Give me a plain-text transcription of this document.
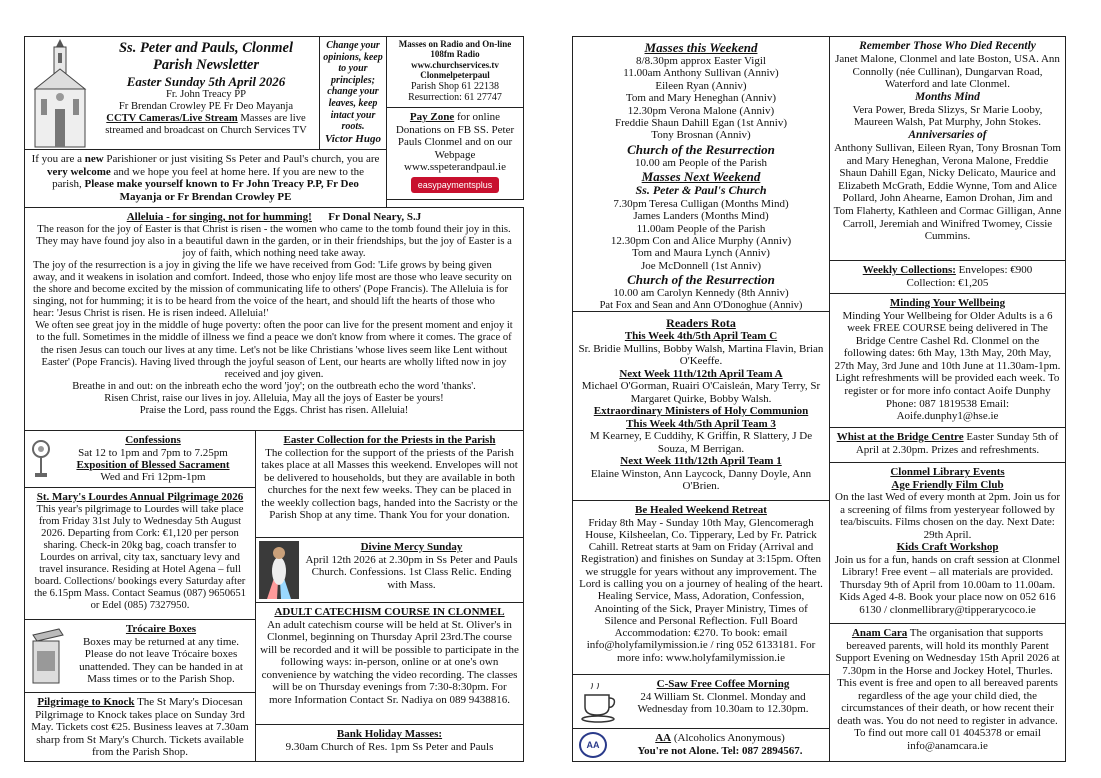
Ss. Peter and Pauls, Clonmel

Parish Newsletter

Easter Sunday 5th April 2026

Fr. John Treacy PP

Fr Brendan Crowley PE Fr Deo Mayanja

CCTV Cameras/Live Stream Masses are live streamed and broadcast on Church Services TV

Change your opinions, keep to your principles; change your leaves, keep intact your roots.

Victor Hugo

Masses on Radio and On-line 108fm Radio

www.churchservices.tv

Clonmelpeterpaul

Parish Shop 61 22138

Resurrection: 61 27747

Pay Zone for online Donations on FB SS. Peter Pauls Clonmel and on our Webpage

www.sspeterandpaul.ie

easypaymentsplus

If you are a new Parishioner or just visiting Ss Peter and Paul's church, you are very welcome and we hope you feel at home here. If you are new to the parish, Please make yourself known to Fr John Treacy P.P, Fr Deo Mayanja or Fr Brendan Crowley PE

Alleluia - for singing, not for humming! Fr Donal Neary, S.J

The reason for the joy of Easter is that Christ is risen - the women who came to the tomb found their joy in this. They may have found joy also in a beautiful dawn in the garden, or in their friendships, but the joy of Easter is a joy of faith, which nothing need take away.

The joy of the resurrection is a joy in giving the life we have received from God: 'Life grows by being given away, and it weakens in isolation and comfort. Indeed, those who enjoy life most are those who leave security on the shore and become excited by the mission of communicating life to others' (Pope Francis). The Alleluia is for singing, not for humming; it is to be heard from the voice of the heart, and should lift the hearts of those who hear: 'Jesus Christ is risen. He is risen indeed. Alleluia!'

We often see great joy in the middle of huge poverty: often the poor can live for the present moment and enjoy it to the full. Sometimes in the middle of illness we find a peace we don't know from where it comes. The grace of the risen Jesus can touch our lives at any time. Let's not be like Christians 'whose lives seem like Lent without Easter' (Pope Francis). Having lived through the joyful season of Lent, our hearts are wholly lifted now in joy received and joy given.

Breathe in and out: on the inbreath echo the word 'joy'; on the outbreath echo the word 'thanks'.

Risen Christ, raise our lives in joy. Alleluia, May all the joys of Easter be yours!

Praise the Lord, pass round the Eggs. Christ has risen. Alleluia!

Confessions

Sat 12 to 1pm and 7pm to 7.25pm

Exposition of Blessed Sacrament

Wed and Fri 12pm-1pm

St. Mary's Lourdes Annual Pilgrimage 2026

This year's pilgrimage to Lourdes will take place from Friday 31st July to Wednesday 5th August 2026. Departing from Cork: €1,120 per person sharing. Check-in 20kg bag, coach transfer to Lourdes on arrival, city tax, sanctuary levy and travel insurance. Residing at Hotel Agena – full board. Collections/ bookings every Saturday after the 6.15pm Mass. Contact Seamus (087) 9650651 or Edel (085) 7327950.

Trócaire Boxes

Boxes may be returned at any time. Please do not leave Trócaire boxes unattended. They can be handed in at Mass times or to the Parish Shop.

Pilgrimage to Knock The St Mary's Diocesan Pilgrimage to Knock takes place on Sunday 3rd May. Tickets cost €25. Business leaves at 7.30am sharp from St Mary's Church. Tickets available from the Parish Shop.

Easter Collection for the Priests in the Parish

The collection for the support of the priests of the Parish takes place at all Masses this weekend. Envelopes will not be delivered to households, but they are available in both churches for the next few weeks. They can be placed in the weekly collection bags, handed into the Sacristy or the Parish Shop at any time. Thank You for your donation.

Divine Mercy Sunday

April 12th 2026 at 2.30pm in Ss Peter and Pauls Church. Confessions. 1st Class Relic. Ending with Mass.

ADULT CATECHISM COURSE IN CLONMEL

An adult catechism course will be held at St. Oliver's in Clonmel, beginning on Thursday April 23rd.The course will be recorded and it will be possible to participate in the following ways: in-person, online or at one's own convenience by watching the video recording. The classes will be on Thursday evenings from 7:30-8:30pm. For more Information Contact Sr. Nadiya on 089 9438816.

Bank Holiday Masses:

9.30am Church of Res. 1pm Ss Peter and Pauls

Masses this Weekend

8/8.30pm approx Easter Vigil

11.00am Anthony Sullivan (Anniv)

Eileen Ryan (Anniv)

Tom and Mary Heneghan (Anniv)

12.30pm Verona Malone (Anniv)

Freddie Shaun Dahill Egan (1st Anniv)

Tony Brosnan (Anniv)

Church of the Resurrection

10.00 am People of the Parish

Masses Next Weekend

Ss. Peter & Paul's Church

7.30pm Teresa Culligan (Months Mind)

James Landers (Months Mind)

11.00am People of the Parish

12.30pm Con and Alice Murphy (Anniv)

Tom and Maura Lynch (Anniv)

Joe McDonnell (1st Anniv)

Church of the Resurrection

10.00 am Carolyn Kennedy (8th Anniv)

Pat Fox and Sean and Ann O'Donoghue (Anniv)

Readers Rota

This Week 4th/5th April Team C

Sr. Bridie Mullins, Bobby Walsh, Martina Flavin, Brian O'Keeffe.

Next Week 11th/12th April Team A

Michael O'Gorman, Ruairi O'Caisleán, Mary Terry, Sr Margaret Quirke, Bobby Walsh.

Extraordinary Ministers of Holy Communion

This Week 4th/5th April Team 3

M Kearney, E Cuddihy, K Griffin, R Slattery, J De Souza, M Berrigan.

Next Week 11th/12th April Team 1

Elaine Winston, Ann Laycock, Danny Doyle, Ann O'Brien.

Be Healed Weekend Retreat

Friday 8th May - Sunday 10th May, Glencomeragh House, Kilsheelan, Co. Tipperary, Led by Fr. Patrick Cahill. Retreat starts at 9am on Friday (Arrival and Registration) and finishes on Sunday at 3:15pm. Often we struggle for years without any improvement. The Lord is calling you on a journey of healing of the heart. Healing Service, Mass, Adoration, Confession, Anointing of the Sick, Prayer Ministry, Times of Silence and Personal Reflection. Full Board Accommodation: €270. To book: email info@holyfamilymission.ie / ring 052 6133181. For more info: www.holyfamilymission.ie

C-Saw Free Coffee Morning

24 William St. Clonmel. Monday and Wednesday from 10.30am to 12.30pm.

AA

AA (Alcoholics Anonymous)

You're not Alone. Tel: 087 2894567.

Remember Those Who Died Recently

Janet Malone, Clonmel and late Boston, USA. Ann Connolly (née Cullinan), Dungarvan Road, Waterford and late Clonmel.

Months Mind

Vera Power, Breda Slizys, Sr Marie Looby, Maureen Walsh, Pat Murphy, John Stokes.

Anniversaries of

Anthony Sullivan, Eileen Ryan, Tony Brosnan Tom and Mary Heneghan, Verona Malone, Freddie Shaun Dahill Egan, Nicky Delicato, Maurice and Elizabeth McGrath, Eddie Wynne, Tom and Alice Pollard, John Ahearne, Eamon Drohan, Jim and Tom Flaherty, Kathleen and Cormac Gilligan, Anne Carroll, Jeremiah and Winifred Twomey, Cissie Cummins.

Weekly Collections: Envelopes: €900

Collection: €1,205

Minding Your Wellbeing

Minding Your Wellbeing for Older Adults is a 6 week FREE COURSE being delivered in The Bridge Centre Cashel Rd. Clonmel on the following dates: 6th May, 13th May, 20th May, 27th May, 3rd June and 10th June at 11.30am-1pm. Light refreshments will be provided each week. To register or for more info contact Aoife Dunphy Phone: 087 1819538 Email: Aoife.dunphy1@hse.ie

Whist at the Bridge Centre Easter Sunday 5th of April at 2.30pm. Prizes and refreshments.

Clonmel Library Events

Age Friendly Film Club

On the last Wed of every month at 2pm. Join us for a screening of films from yesteryear followed by tea/biscuits. Films chosen on the day. Next Date: 29th April.

Kids Craft Workshop

Join us for a fun, hands on craft session at Clonmel Library! Free event – all materials are provided. Thursday 9th of April from 10.00am to 11.00am. Kids Aged 4-8. Book your place now on 052 616 6130 / clonmellibrary@tipperarycoco.ie

Anam Cara The organisation that supports bereaved parents, will hold its monthly Parent Support Evening on Wednesday 15th April 2026 at 7.30pm in the Horse and Jockey Hotel, Thurles. This event is free and open to all bereaved parents regardless of the age your child died, the circumstances of their death, or how recent their death was. You do not need to register in advance. To find out more call 01 4045378 or email info@anamcara.ie
